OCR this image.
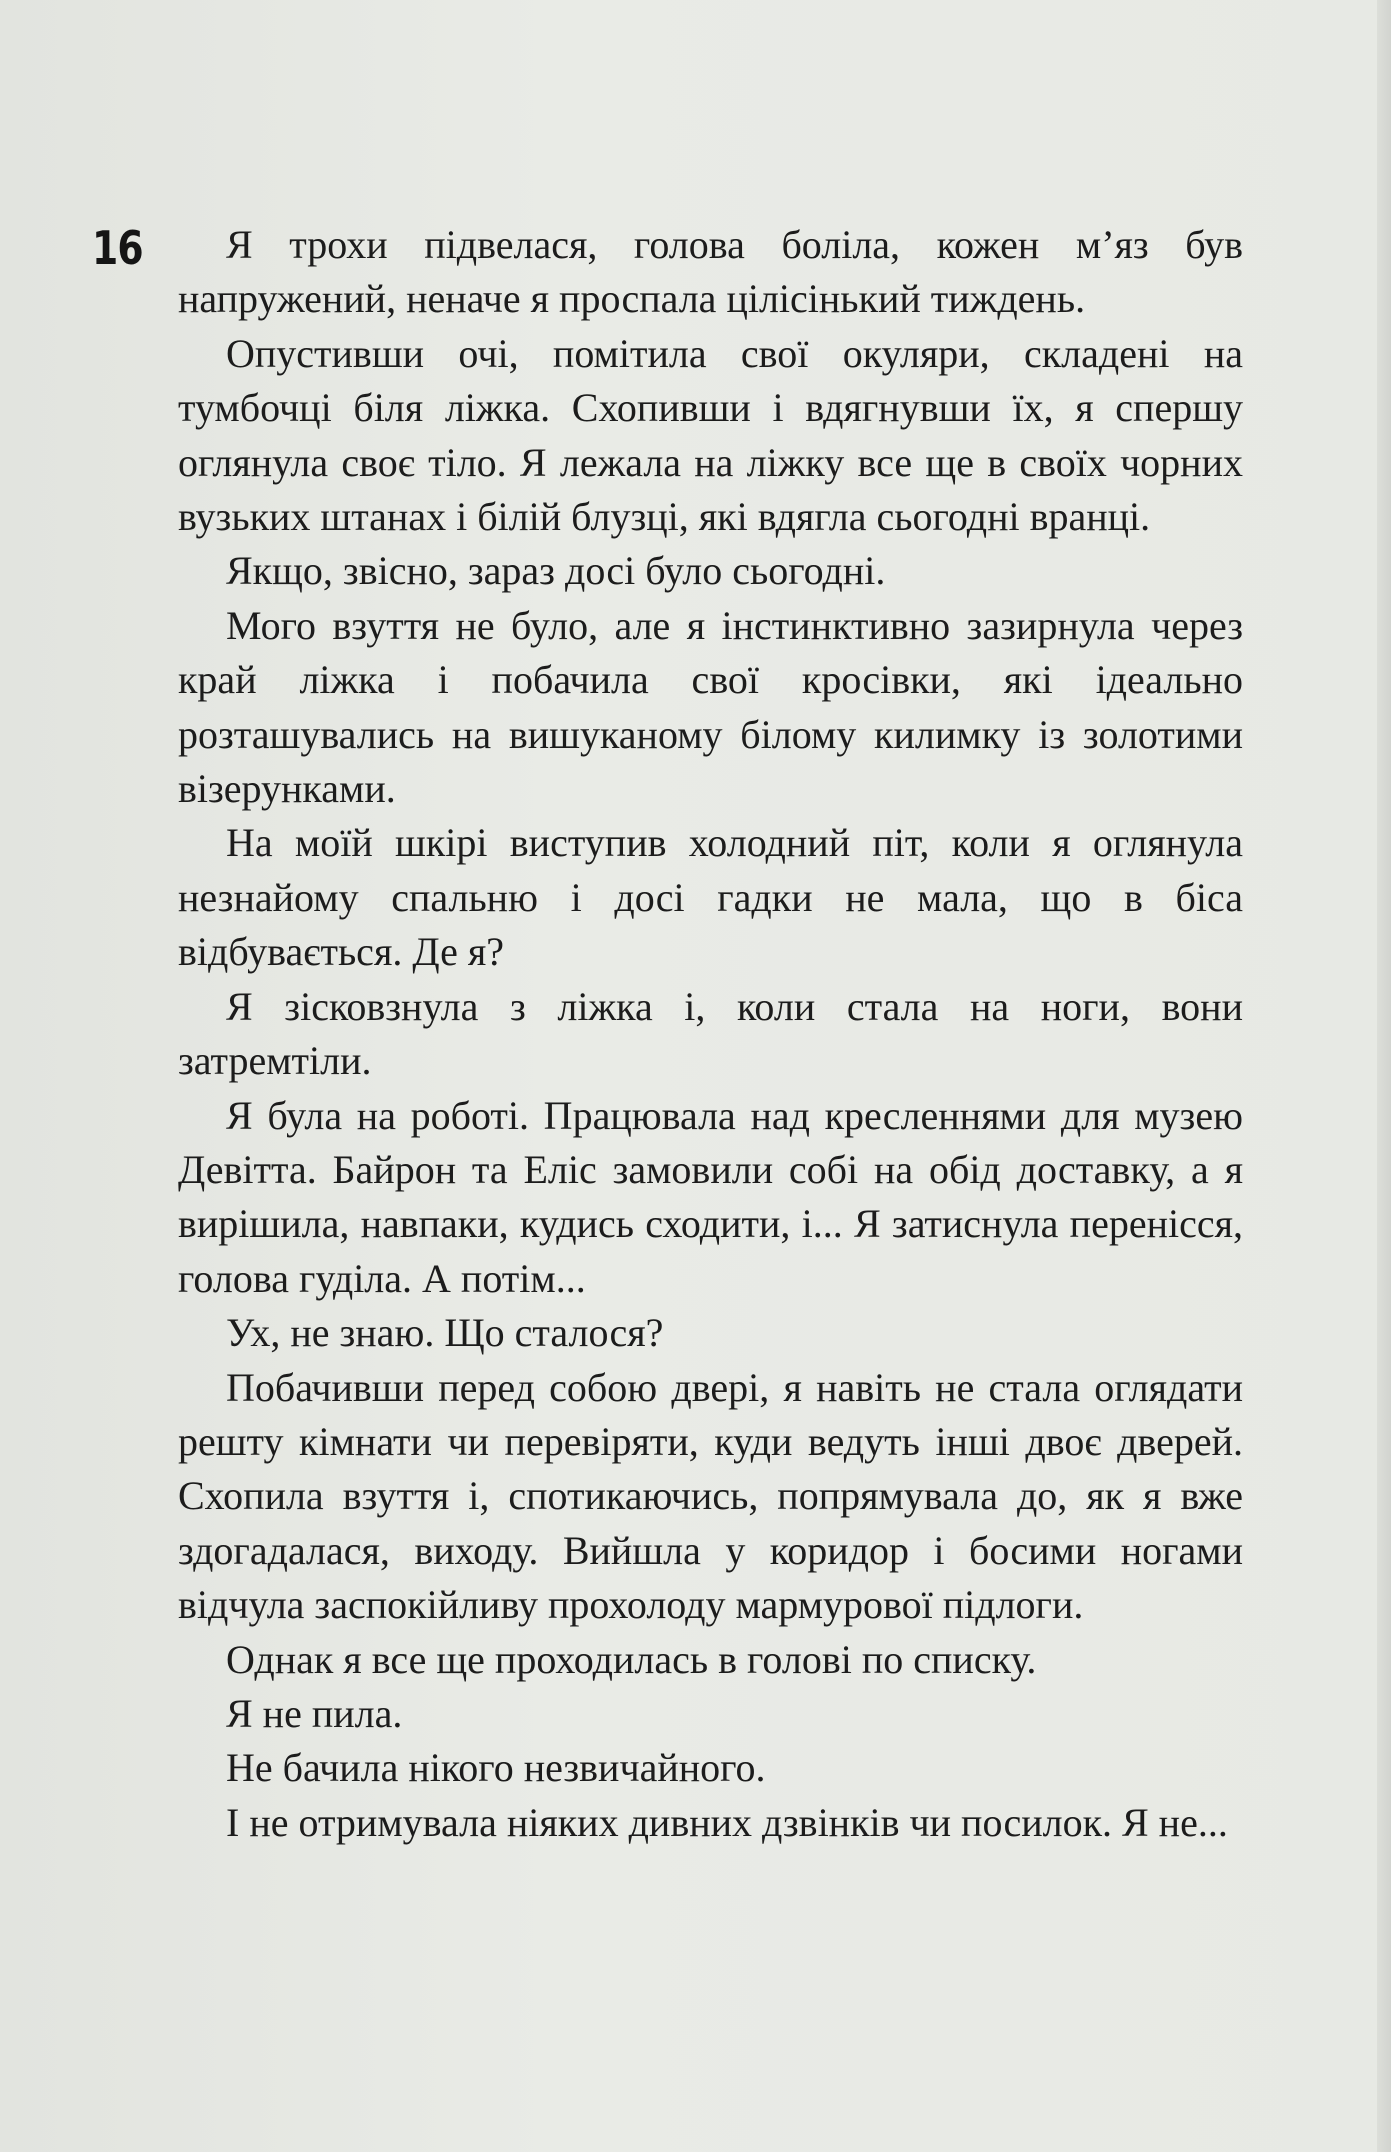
16	Я трохи підвелася, голова боліла, кожен м’яз був напружений, неначе я проспала цілісінький тиждень.

Опустивши очі, помітила свої окуляри, складені на тумбочці біля ліжка. Схопивши і вдягнувши їх, я спершу оглянула своє тіло. Я лежала на ліжку все ще в своїх чорних вузьких штанах і білій блузці, які вдягла сьогодні вранці.

Якщо, звісно, зараз досі було сьогодні.

Мого взуття не було, але я інстинктивно зазирнула через край ліжка і побачила свої кросівки, які ідеально розташувались на вишуканому білому килимку із золотими візерунками.

На моїй шкірі виступив холодний піт, коли я оглянула незнайому спальню і досі гадки не мала, що в біса відбувається. Де я?

Я зісковзнула з ліжка і, коли стала на ноги, вони затремтіли.

Я була на роботі. Працювала над кресленнями для музею Девітта. Байрон та Еліс замовили собі на обід доставку, а я вирішила, навпаки, кудись сходити, і... Я затиснула перенісся, голова гуділа. А потім...

Ух, не знаю. Що сталося?

Побачивши перед собою двері, я навіть не стала оглядати решту кімнати чи перевіряти, куди ведуть інші двоє дверей. Схопила взуття і, спотикаючись, попрямувала до, як я вже здогадалася, виходу. Вийшла у коридор і босими ногами відчула заспокійливу прохолоду мармурової підлоги.

Однак я все ще проходилась в голові по списку.

Я не пила.

Не бачила нікого незвичайного.

І не отримувала ніяких дивних дзвінків чи посилок. Я не...
